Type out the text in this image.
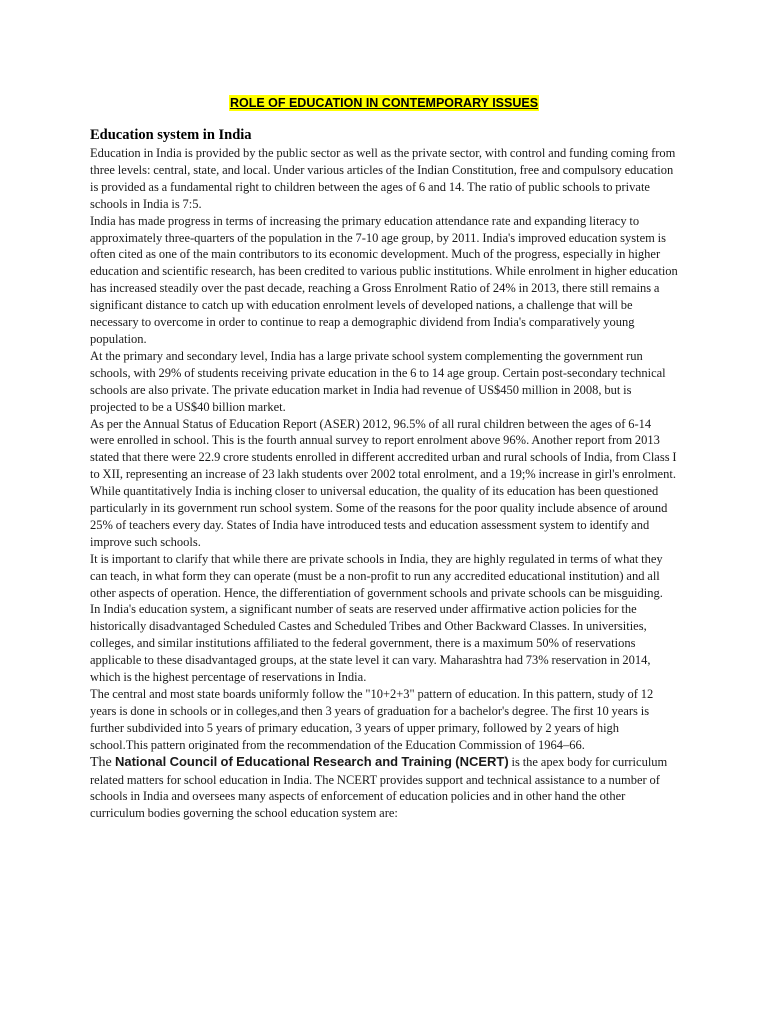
ROLE OF EDUCATION IN CONTEMPORARY ISSUES
Education system in India

Education in India is provided by the public sector as well as the private sector, with control and funding coming from three levels: central, state, and local. Under various articles of the Indian Constitution, free and compulsory education is provided as a fundamental right to children between the ages of 6 and 14. The ratio of public schools to private schools in India is 7:5.

India has made progress in terms of increasing the primary education attendance rate and expanding literacy to approximately three-quarters of the population in the 7-10 age group, by 2011. India's improved education system is often cited as one of the main contributors to its economic development. Much of the progress, especially in higher education and scientific research, has been credited to various public institutions. While enrolment in higher education has increased steadily over the past decade, reaching a Gross Enrolment Ratio of 24% in 2013, there still remains a significant distance to catch up with education enrolment levels of developed nations, a challenge that will be necessary to overcome in order to continue to reap a demographic dividend from India's comparatively young population.

At the primary and secondary level, India has a large private school system complementing the government run schools, with 29% of students receiving private education in the 6 to 14 age group. Certain post-secondary technical schools are also private. The private education market in India had revenue of US$450 million in 2008, but is projected to be a US$40 billion market.

As per the Annual Status of Education Report (ASER) 2012, 96.5% of all rural children between the ages of 6-14 were enrolled in school. This is the fourth annual survey to report enrolment above 96%. Another report from 2013 stated that there were 22.9 crore students enrolled in different accredited urban and rural schools of India, from Class I to XII, representing an increase of 23 lakh students over 2002 total enrolment, and a 19;% increase in girl's enrolment. While quantitatively India is inching closer to universal education, the quality of its education has been questioned particularly in its government run school system. Some of the reasons for the poor quality include absence of around 25% of teachers every day. States of India have introduced tests and education assessment system to identify and improve such schools.

It is important to clarify that while there are private schools in India, they are highly regulated in terms of what they can teach, in what form they can operate (must be a non-profit to run any accredited educational institution) and all other aspects of operation. Hence, the differentiation of government schools and private schools can be misguiding.

In India's education system, a significant number of seats are reserved under affirmative action policies for the historically disadvantaged Scheduled Castes and Scheduled Tribes and Other Backward Classes. In universities, colleges, and similar institutions affiliated to the federal government, there is a maximum 50% of reservations applicable to these disadvantaged groups, at the state level it can vary. Maharashtra had 73% reservation in 2014, which is the highest percentage of reservations in India.

The central and most state boards uniformly follow the "10+2+3" pattern of education. In this pattern, study of 12 years is done in schools or in colleges,and then 3 years of graduation for a bachelor's degree. The first 10 years is further subdivided into 5 years of primary education, 3 years of upper primary, followed by 2 years of high school.This pattern originated from the recommendation of the Education Commission of 1964–66.

The National Council of Educational Research and Training (NCERT) is the apex body for curriculum related matters for school education in India. The NCERT provides support and technical assistance to a number of schools in India and oversees many aspects of enforcement of education policies and in other hand the other curriculum bodies governing the school education system are:
